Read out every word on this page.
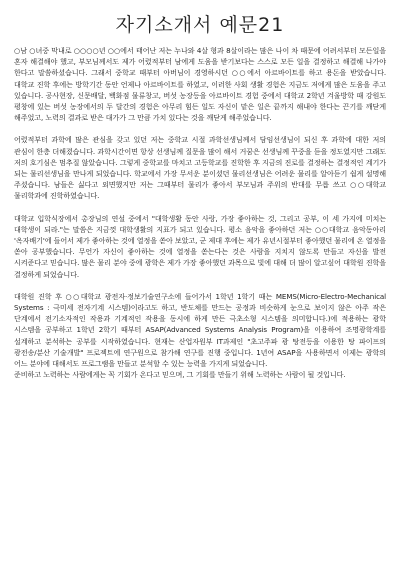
자기소개서 예문21

○남 ○녀중 막내로 ○○○○년 ○○에서 태어난 저는 누나와 4살 형과 8살이라는 많은 나이 차 때문에 어려서부터 모든일을 혼자 해결해야 했고, 부모님께서도 제가 어렸적부터 남에게 도움을 받기보다는 스스로 모든 일을 결정하고 해결해 나가야 한다고 말씀하셨습니다. 그래서 중학교 때부터 아버님이 경영하시던 ○○에서 아르바이트를 하고 용돈을 받았습니다. 대학교 진학 후에는 방학기간 동안 언제나 아르바이트를 하였고, 이러한 사회 생활 경험은 지금도 저에게 많은 도움을 주고 있습니다. 공사현장, 신문배달, 백화점 물류창고, 버섯 농장등을 아르바이트 경험 중에서 대학교 2학년 겨울방학 때 강원도 평창에 있는 버섯 농장에서의 두 달간의 경험은 아무리 힘든 일도 자신이 맡은 일은 끝까지 해내야 한다는 끈기를 깨닫게 해주었고, 노력의 결과로 받은 대가가 그 만큼 가치 있다는 것을 깨닫게 해주었습니다.

어렸적부터 과학에 많은 관심을 갖고 있던 저는 중학교 시절 과학선생님께서 담임선생님이 되신 후 과학에 대한 저의 관심이 한층 더해졌습니다. 과학시간이면 항상 선생님께 질문을 많이 해서 거꿈은 선생님께 꾸중을 듣을 정도였지만 그래도 저의 호기심은 멈추질 않았습니다. 그렇게 중학교를 마치고 고등학교를 진학한 후 지금의 진로를 결정하는 결정적인 계기가 되는 물리선생님을 만나게 되었습니다. 학교에서 가장 무서운 분이셨던 물리선생님은 어려운 물리를 알아듣기 쉽게 설명해 주셨습니다. 남들은 싫다고 외면했지만 저는 그때부터 물리가 좋아서 부모님과 주위의 반대를 무릅 쓰고 ○○대학교 물리학과에 진학하였습니다.

대학교 입학식장에서 총장님의 연설 중에서 "대학생활 동안 사랑, 가장 좋아하는 것, 그리고 공부, 이 세 가지에 미치는 대학생이 되라."는 말씀은 지금껏 대학생활의 지표가 되고 있습니다. 평소 음악을 좋아하던 저는 ○○대학교 음악동아리 '옥자배기'에 들어서 제가 좋아하는 것에 열정을 쏟아 보았고, 군 제대 후에는 제가 유년시절부터 좋아했던 물리에 온 열정을 쏟아 공부했습니다. 무언가 자신이 좋아하는 것에 열정을 쏟는다는 것은 사람을 지치지 않도록 만들고 자신을 발전 시켜준다고 믿습니다. 많은 물리 분야 중에 광학은 제가 가장 좋아했던 과목으로 빛에 대해 더 많이 알고싶어 대학원 진학을 결정하게 되었습니다.

대학원 진학 후 ○○대학교 광전자·정보기술연구소에 들어가서 1학년 1학기 때는 MEMS(Micro-Electro-Mechanical Systems : 극미세 전자기계 시스템)이라고도 하고, 반도체를 만드는 공정과 비슷하게 눈으로 보이지 않은 아주 작은 단계에서 전기소자적인 작용과 기계적인 작용을 동시에 하게 만든 극초소형 시스템을 의미합니다.)에 적용하는 광학 시스템을 공부하고 1학년 2학기 때부터 ASAP(Advanced Systems Analysis Program)을 이용하여 조명광학계를 설계하고 분석하는 공부를 시작하였습니다. 현재는 산업자원부 IT과제인 "초고주파 광 탕전등을 이용한 탕 파이프의 광전송/분산 기술개발" 프로젝트에 연구원으로 참가해 연구를 진행 중입니다. 1년여 ASAP을 사용하면서 이제는 광학의 어느 분야에 대해서도 프로그램을 만들고 분석할 수 있는 능력을 가지게 되었습니다.

준비하고 노력하는 사람에게는 꼭 기회가 온다고 믿으며, 그 기회를 만들기 위해 노력하는 사람이 될 것입니다.
